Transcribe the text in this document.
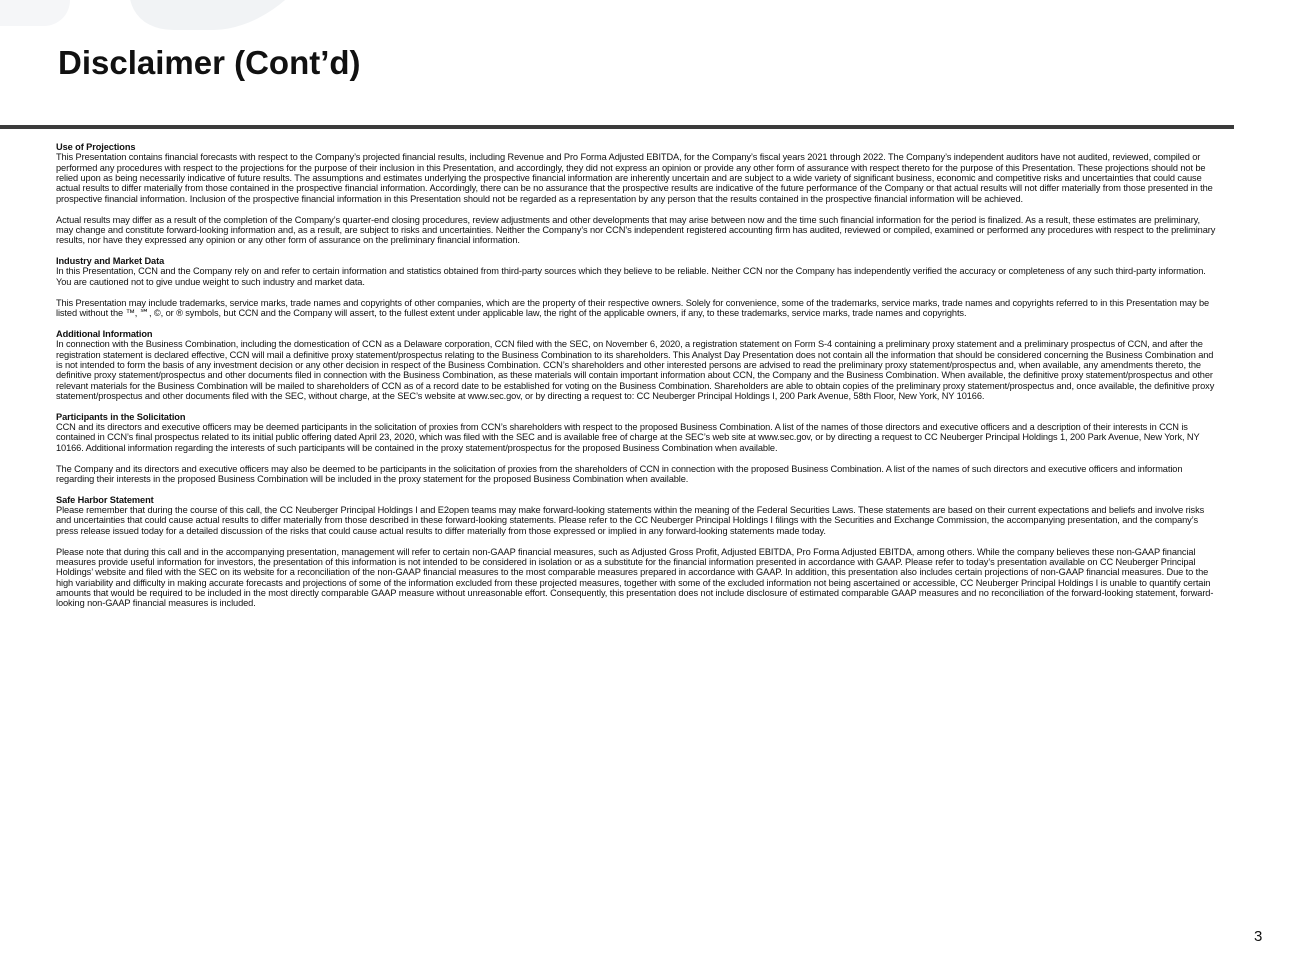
Disclaimer (Cont’d)

Use of Projections

This Presentation contains financial forecasts with respect to the Company’s projected financial results, including Revenue and Pro Forma Adjusted EBITDA, for the Company’s fiscal years 2021 through 2022. The Company’s independent auditors have not audited, reviewed, compiled or performed any procedures with respect to the projections for the purpose of their inclusion in this Presentation, and accordingly, they did not express an opinion or provide any other form of assurance with respect thereto for the purpose of this Presentation. These projections should not be relied upon as being necessarily indicative of future results. The assumptions and estimates underlying the prospective financial information are inherently uncertain and are subject to a wide variety of significant business, economic and competitive risks and uncertainties that could cause actual results to differ materially from those contained in the prospective financial information. Accordingly, there can be no assurance that the prospective results are indicative of the future performance of the Company or that actual results will not differ materially from those presented in the prospective financial information. Inclusion of the prospective financial information in this Presentation should not be regarded as a representation by any person that the results contained in the prospective financial information will be achieved.

Actual results may differ as a result of the completion of the Company’s quarter-end closing procedures, review adjustments and other developments that may arise between now and the time such financial information for the period is finalized. As a result, these estimates are preliminary, may change and constitute forward-looking information and, as a result, are subject to risks and uncertainties. Neither the Company’s nor CCN’s independent registered accounting firm has audited, reviewed or compiled, examined or performed any procedures with respect to the preliminary results, nor have they expressed any opinion or any other form of assurance on the preliminary financial information.

Industry and Market Data

In this Presentation, CCN and the Company rely on and refer to certain information and statistics obtained from third-party sources which they believe to be reliable. Neither CCN nor the Company has independently verified the accuracy or completeness of any such third-party information. You are cautioned not to give undue weight to such industry and market data.

This Presentation may include trademarks, service marks, trade names and copyrights of other companies, which are the property of their respective owners. Solely for convenience, some of the trademarks, service marks, trade names and copyrights referred to in this Presentation may be listed without the ™, ℠, ©, or ® symbols, but CCN and the Company will assert, to the fullest extent under applicable law, the right of the applicable owners, if any, to these trademarks, service marks, trade names and copyrights.

Additional Information

In connection with the Business Combination, including the domestication of CCN as a Delaware corporation, CCN filed with the SEC, on November 6, 2020, a registration statement on Form S-4 containing a preliminary proxy statement and a preliminary prospectus of CCN, and after the registration statement is declared effective, CCN will mail a definitive proxy statement/prospectus relating to the Business Combination to its shareholders. This Analyst Day Presentation does not contain all the information that should be considered concerning the Business Combination and is not intended to form the basis of any investment decision or any other decision in respect of the Business Combination. CCN’s shareholders and other interested persons are advised to read the preliminary proxy statement/prospectus and, when available, any amendments thereto, the definitive proxy statement/prospectus and other documents filed in connection with the Business Combination, as these materials will contain important information about CCN, the Company and the Business Combination. When available, the definitive proxy statement/prospectus and other relevant materials for the Business Combination will be mailed to shareholders of CCN as of a record date to be established for voting on the Business Combination. Shareholders are able to obtain copies of the preliminary proxy statement/prospectus and, once available, the definitive proxy statement/prospectus and other documents filed with the SEC, without charge, at the SEC’s website at www.sec.gov, or by directing a request to: CC Neuberger Principal Holdings I, 200 Park Avenue, 58th Floor, New York, NY 10166.

Participants in the Solicitation

CCN and its directors and executive officers may be deemed participants in the solicitation of proxies from CCN’s shareholders with respect to the proposed Business Combination. A list of the names of those directors and executive officers and a description of their interests in CCN is contained in CCN’s final prospectus related to its initial public offering dated April 23, 2020, which was filed with the SEC and is available free of charge at the SEC’s web site at www.sec.gov, or by directing a request to CC Neuberger Principal Holdings 1, 200 Park Avenue, New York, NY 10166. Additional information regarding the interests of such participants will be contained in the proxy statement/prospectus for the proposed Business Combination when available.

The Company and its directors and executive officers may also be deemed to be participants in the solicitation of proxies from the shareholders of CCN in connection with the proposed Business Combination. A list of the names of such directors and executive officers and information regarding their interests in the proposed Business Combination will be included in the proxy statement for the proposed Business Combination when available.

Safe Harbor Statement

Please remember that during the course of this call, the CC Neuberger Principal Holdings I and E2open teams may make forward-looking statements within the meaning of the Federal Securities Laws. These statements are based on their current expectations and beliefs and involve risks and uncertainties that could cause actual results to differ materially from those described in these forward-looking statements. Please refer to the CC Neuberger Principal Holdings I filings with the Securities and Exchange Commission, the accompanying presentation, and the company’s press release issued today for a detailed discussion of the risks that could cause actual results to differ materially from those expressed or implied in any forward-looking statements made today.

Please note that during this call and in the accompanying presentation, management will refer to certain non-GAAP financial measures, such as Adjusted Gross Profit, Adjusted EBITDA, Pro Forma Adjusted EBITDA, among others. While the company believes these non-GAAP financial measures provide useful information for investors, the presentation of this information is not intended to be considered in isolation or as a substitute for the financial information presented in accordance with GAAP. Please refer to today’s presentation available on CC Neuberger Principal Holdings’ website and filed with the SEC on its website for a reconciliation of the non-GAAP financial measures to the most comparable measures prepared in accordance with GAAP. In addition, this presentation also includes certain projections of non-GAAP financial measures. Due to the high variability and difficulty in making accurate forecasts and projections of some of the information excluded from these projected measures, together with some of the excluded information not being ascertained or accessible, CC Neuberger Principal Holdings I is unable to quantify certain amounts that would be required to be included in the most directly comparable GAAP measure without unreasonable effort. Consequently, this presentation does not include disclosure of estimated comparable GAAP measures and no reconciliation of the forward-looking statement, forward-looking non-GAAP financial measures is included.

3
